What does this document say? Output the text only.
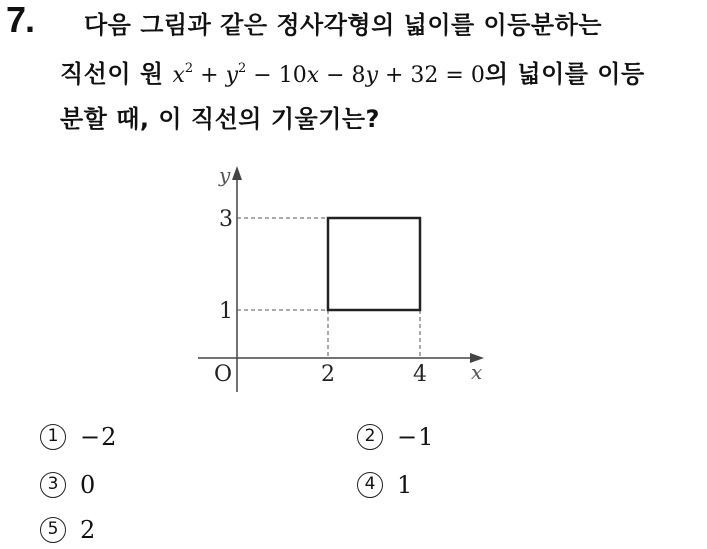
7. 다음 그림과 같은 정사각형의 넓이를 이등분하는
직선이 원 $x^2 + y^2 - 10x - 8y + 32 = 0$의 넓이를 이등
분할 때, 이 직선의 기울기는?
y
x
O
3
1
2	4
1 −2	2 −1
3 0	4 1
5 2
